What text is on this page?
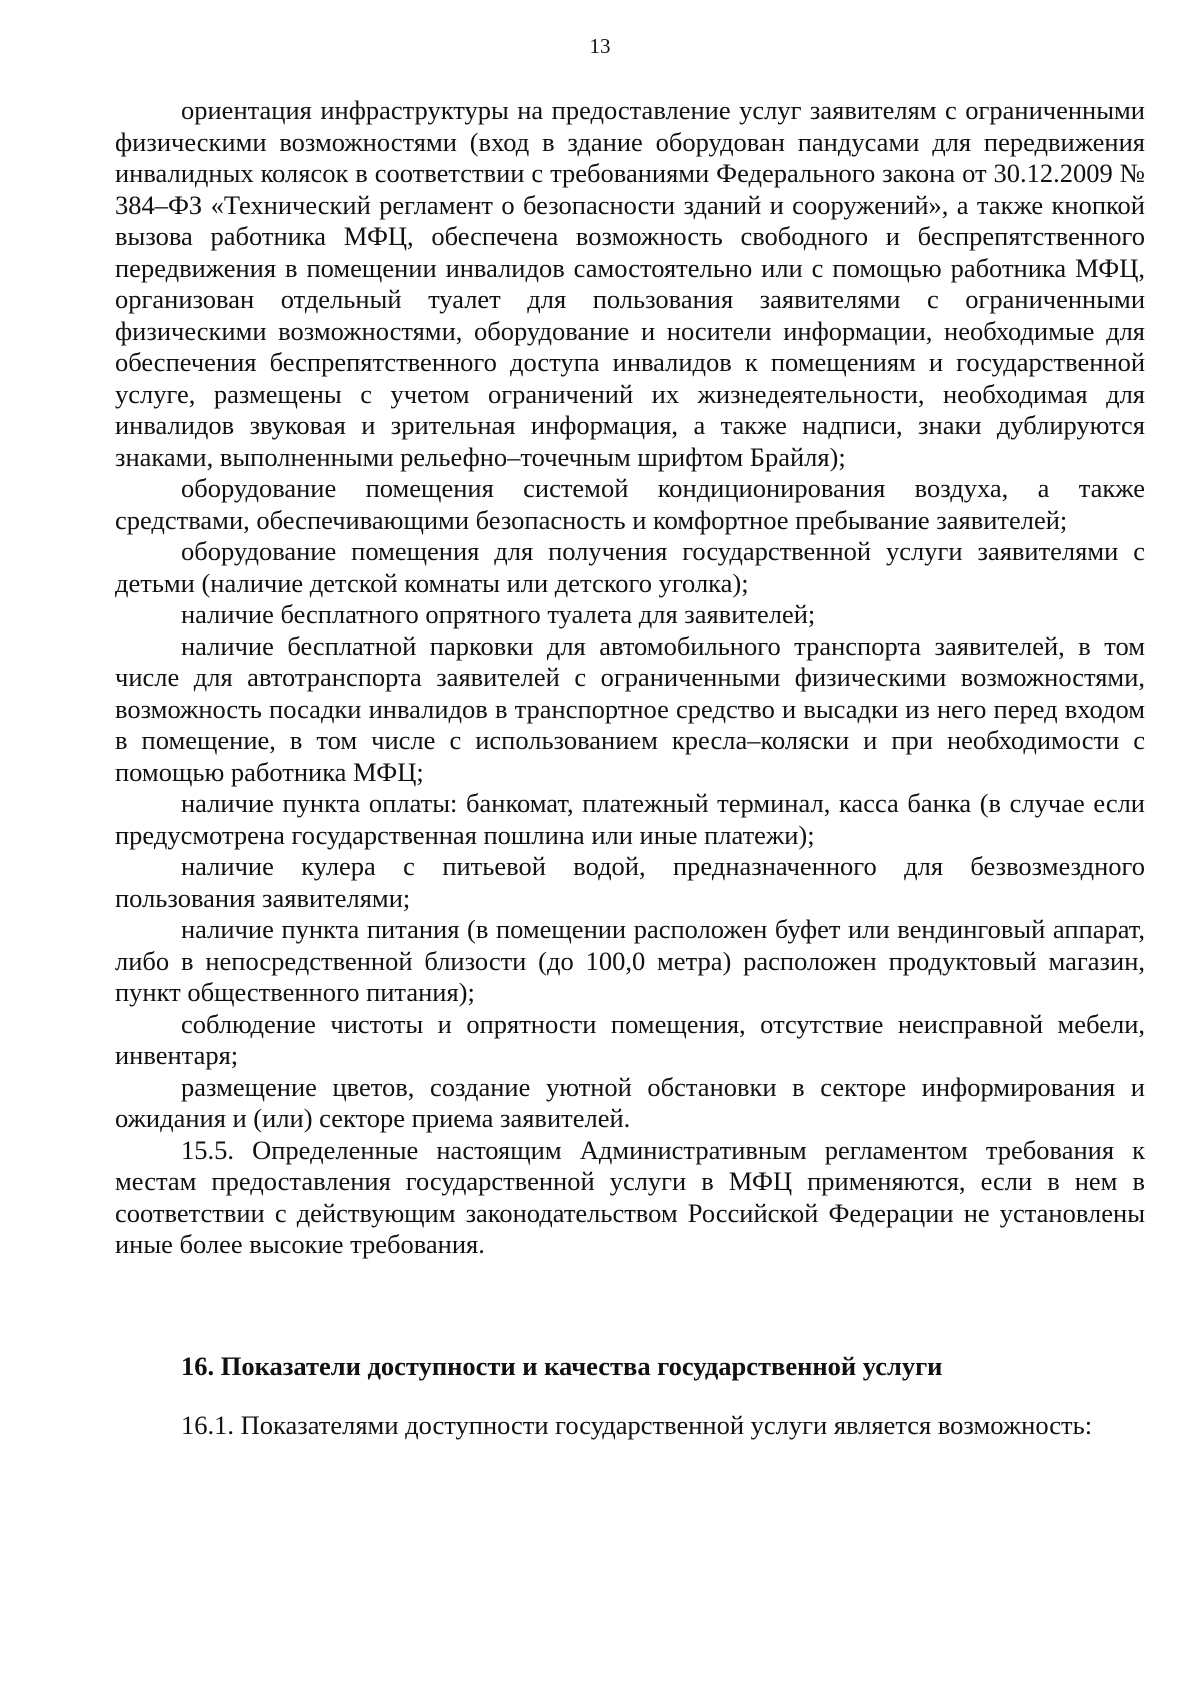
13

ориентация инфраструктуры на предоставление услуг заявителям с ограниченными физическими возможностями (вход в здание оборудован пандусами для передвижения инвалидных колясок в соответствии с требованиями Федерального закона от 30.12.2009 № 384–ФЗ «Технический регламент о безопасности зданий и сооружений», а также кнопкой вызова работника МФЦ, обеспечена возможность свободного и беспрепятственного передвижения в помещении инвалидов самостоятельно или с помощью работника МФЦ, организован отдельный туалет для пользования заявителями с ограниченными физическими возможностями, оборудование и носители информации, необходимые для обеспечения беспрепятственного доступа инвалидов к помещениям и государственной услуге, размещены с учетом ограничений их жизнедеятельности, необходимая для инвалидов звуковая и зрительная информация, а также надписи, знаки дублируются знаками, выполненными рельефно–точечным шрифтом Брайля);

оборудование помещения системой кондиционирования воздуха, а также средствами, обеспечивающими безопасность и комфортное пребывание заявителей;

оборудование помещения для получения государственной услуги заявителями с детьми (наличие детской комнаты или детского уголка);

наличие бесплатного опрятного туалета для заявителей;

наличие бесплатной парковки для автомобильного транспорта заявителей, в том числе для автотранспорта заявителей с ограниченными физическими возможностями, возможность посадки инвалидов в транспортное средство и высадки из него перед входом в помещение, в том числе с использованием кресла–коляски и при необходимости с помощью работника МФЦ;

наличие пункта оплаты: банкомат, платежный терминал, касса банка (в случае если предусмотрена государственная пошлина или иные платежи);

наличие кулера с питьевой водой, предназначенного для безвозмездного пользования заявителями;

наличие пункта питания (в помещении расположен буфет или вендинговый аппарат, либо в непосредственной близости (до 100,0 метра) расположен продуктовый магазин, пункт общественного питания);

соблюдение чистоты и опрятности помещения, отсутствие неисправной мебели, инвентаря;

размещение цветов, создание уютной обстановки в секторе информирования и ожидания и (или) секторе приема заявителей.

15.5. Определенные настоящим Административным регламентом требования к местам предоставления государственной услуги в МФЦ применяются, если в нем в соответствии с действующим законодательством Российской Федерации не установлены иные более высокие требования.

16. Показатели доступности и качества государственной услуги

16.1. Показателями доступности государственной услуги является возможность:
